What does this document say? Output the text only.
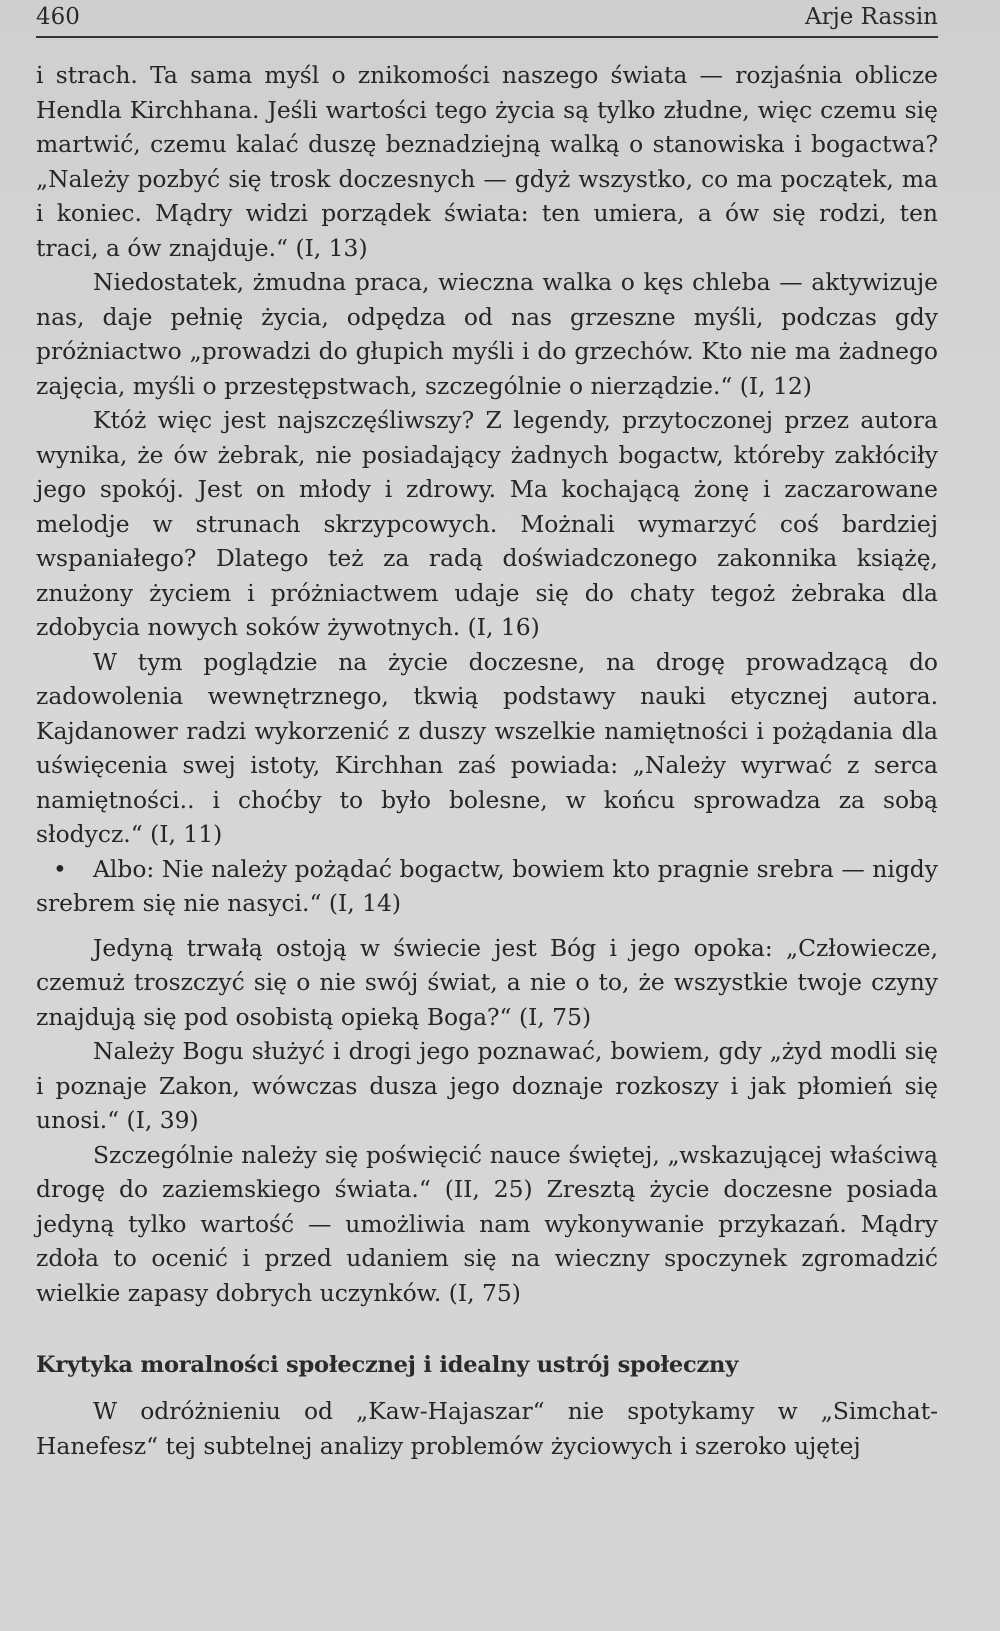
460	Arje Rassin

i strach. Ta sama myśl o znikomości naszego świata — rozjaśnia oblicze Hendla Kirchhana. Jeśli wartości tego życia są tylko złudne, więc czemu się martwić, czemu kalać duszę beznadziejną walką o stanowiska i bogactwa? „Należy pozbyć się trosk doczesnych — gdyż wszystko, co ma początek, ma i koniec. Mądry widzi porządek świata: ten umiera, a ów się rodzi, ten traci, a ów znajduje.“ (I, 13)

Niedostatek, żmudna praca, wieczna walka o kęs chleba — aktywizuje nas, daje pełnię życia, odpędza od nas grzeszne myśli, podczas gdy próżniactwo „prowadzi do głupich myśli i do grzechów. Kto nie ma żadnego zajęcia, myśli o przestępstwach, szczególnie o nierządzie.“ (I, 12)

Któż więc jest najszczęśliwszy? Z legendy, przytoczonej przez autora wynika, że ów żebrak, nie posiadający żadnych bogactw, któreby zakłóciły jego spokój. Jest on młody i zdrowy. Ma kochającą żonę i zaczarowane melodje w strunach skrzypcowych. Możnali wymarzyć coś bardziej wspaniałego? Dlatego też za radą doświadczonego zakonnika książę, znużony życiem i próżniactwem udaje się do chaty tegoż żebraka dla zdobycia nowych soków żywotnych. (I, 16)

W tym poglądzie na życie doczesne, na drogę prowadzącą do zadowolenia wewnętrznego, tkwią podstawy nauki etycznej autora. Kajdanower radzi wykorzenić z duszy wszelkie namiętności i pożądania dla uświęcenia swej istoty, Kirchhan zaś powiada: „Należy wyrwać z serca namiętności.. i choćby to było bolesne, w końcu sprowadza za sobą słodycz.“ (I, 11)

• Albo: Nie należy pożądać bogactw, bowiem kto pragnie srebra — nigdy srebrem się nie nasyci.“ (I, 14)

Jedyną trwałą ostoją w świecie jest Bóg i jego opoka: „Człowiecze, czemuż troszczyć się o nie swój świat, a nie o to, że wszystkie twoje czyny znajdują się pod osobistą opieką Boga?“ (I, 75)

Należy Bogu służyć i drogi jego poznawać, bowiem, gdy „żyd modli się i poznaje Zakon, wówczas dusza jego doznaje rozkoszy i jak płomień się unosi.“ (I, 39)

Szczególnie należy się poświęcić nauce świętej, „wskazującej właściwą drogę do zaziemskiego świata.“ (II, 25) Zresztą życie doczesne posiada jedyną tylko wartość — umożliwia nam wykonywanie przykazań. Mądry zdoła to ocenić i przed udaniem się na wieczny spoczynek zgromadzić wielkie zapasy dobrych uczynków. (I, 75)

Krytyka moralności społecznej i idealny ustrój społeczny

W odróżnieniu od „Kaw-Hajaszar“ nie spotykamy w „Simchat-Hanefesz“ tej subtelnej analizy problemów życiowych i szeroko ujętej
